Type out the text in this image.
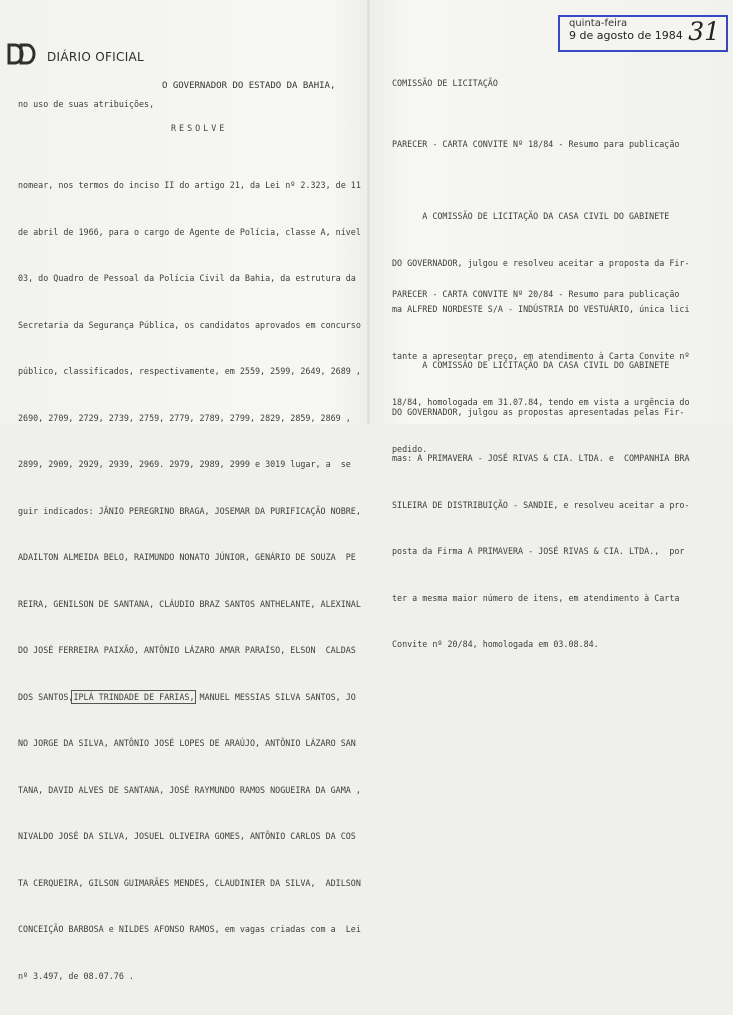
DIÁRIO OFICIAL
quinta-feira
9 de agosto de 1984 31
O GOVERNADOR DO ESTADO DA BAHIA,
no uso de suas atribuições,
RESOLVE

nomear, nos termos do inciso II do artigo 21, da Lei nº 2.323, de 11

de abril de 1966, para o cargo de Agente de Polícia, classe A, nível

03, do Quadro de Pessoal da Polícia Civil da Bahia, da estrutura da

Secretaria da Segurança Pública, os candidatos aprovados em concurso

público, classificados, respectivamente, em 2559, 2599, 2649, 2689 ,

2690, 2709, 2729, 2739, 2759, 2779, 2789, 2799, 2829, 2859, 2869 ,

2899, 2909, 2929, 2939, 2969. 2979, 2989, 2999 e 3019 lugar, a  se

guir indicados: JÂNIO PEREGRINO BRAGA, JOSEMAR DA PURIFICAÇÃO NOBRE,

ADAILTON ALMEIDA BELO, RAIMUNDO NONATO JÚNIOR, GENÁRIO DE SOUZA  PE

REIRA, GENILSON DE SANTANA, CLÁUDIO BRAZ SANTOS ANTHELANTE, ALEXINAL

DO JOSÉ FERREIRA PAIXÃO, ANTÔNIO LÁZARO AMAR PARAÍSO, ELSON  CALDAS

DOS SANTOS,IPLÁ TRINDADE DE FARIAS, MANUEL MESSIAS SILVA SANTOS, JO

NO JORGE DA SILVA, ANTÔNIO JOSÉ LOPES DE ARAÚJO, ANTÔNIO LÁZARO SAN

TANA, DAVID ALVES DE SANTANA, JOSÉ RAYMUNDO RAMOS NOGUEIRA DA GAMA ,

NIVALDO JOSÉ DA SILVA, JOSUEL OLIVEIRA GOMES, ANTÔNIO CARLOS DA COS

TA CERQUEIRA, GILSON GUIMARÃES MENDES, CLAUDINIER DA SILVA,  ADILSON

CONCEIÇÃO BARBOSA e NILDES AFONSO RAMOS, em vagas criadas com a  Lei

nº 3.497, de 08.07.76 .

COMISSÃO DE LICITAÇÃO
PARECER - CARTA CONVITE Nº 18/84 - Resumo para publicação

A COMISSÃO DE LICITAÇÃO DA CASA CIVIL DO GABINETE

DO GOVERNADOR, julgou e resolveu aceitar a proposta da Fir-

ma ALFRED NORDESTE S/A - INDÚSTRIA DO VESTUÁRIO, única lici

tante a apresentar preço, em atendimento à Carta Convite nº

18/84, homologada em 31.07.84, tendo em vista a urgência do

pedido.

PARECER - CARTA CONVITE Nº 20/84 - Resumo para publicação

A COMISSÃO DE LICITAÇÃO DA CASA CIVIL DO GABINETE

DO GOVERNADOR, julgou as propostas apresentadas pelas Fir-

mas: A PRIMAVERA - JOSÉ RIVAS & CIA. LTDA. e  COMPANHIA BRA

SILEIRA DE DISTRIBUIÇÃO - SANDIE, e resolveu aceitar a pro-

posta da Firma A PRIMAVERA - JOSÉ RIVAS & CIA. LTDA.,  por

ter a mesma maior número de itens, em atendimento à Carta

Convite nº 20/84, homologada em 03.08.84.
